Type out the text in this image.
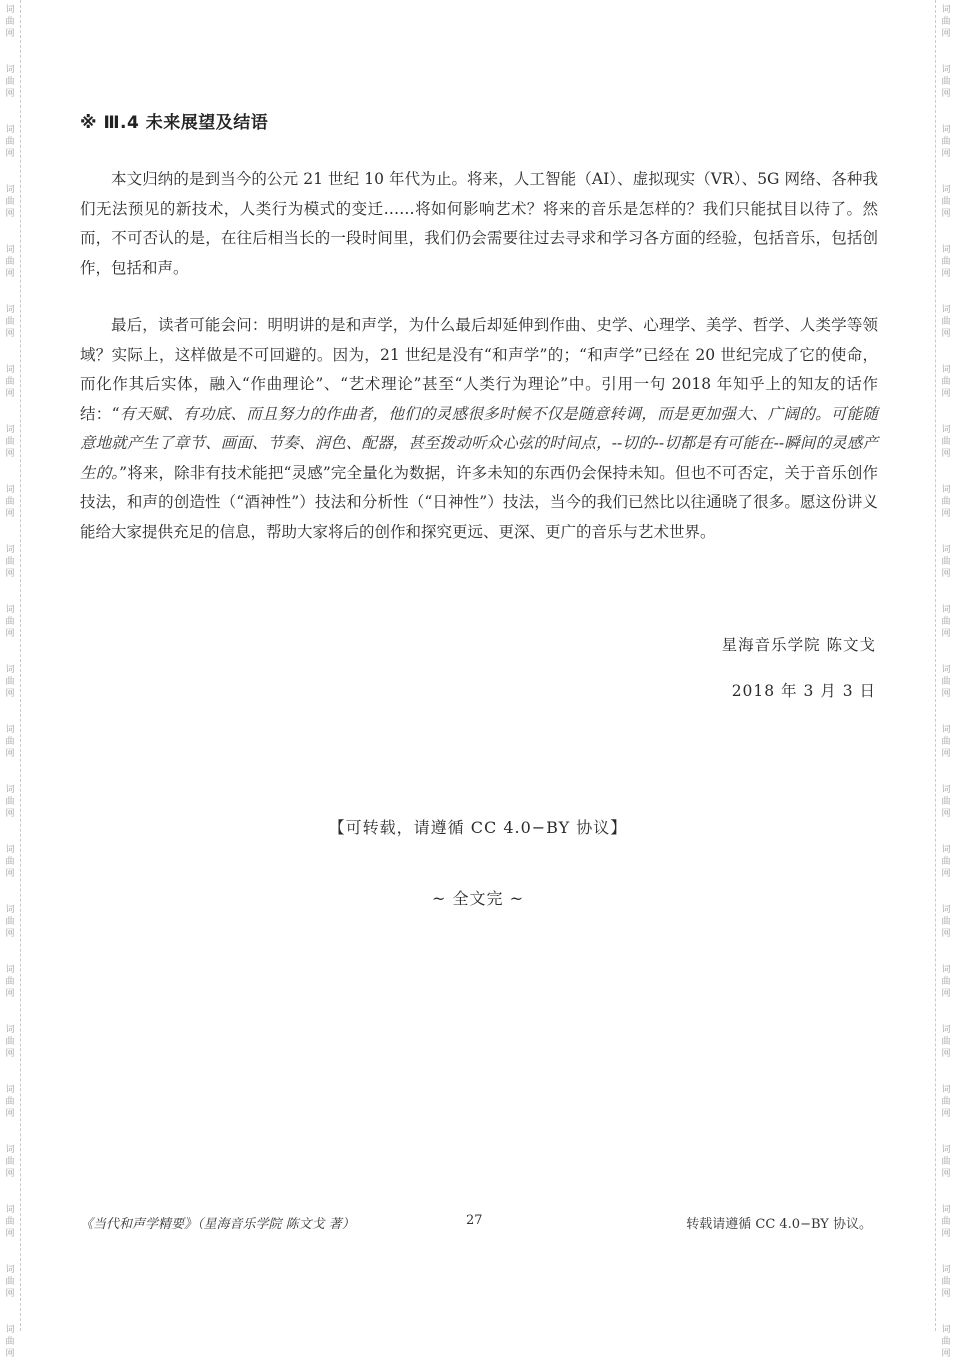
词
曲
网
词
曲
网
词
曲
网
词
曲
网
词
曲
网
词
曲
网
词
曲
网
词
曲
网
词
曲
网
词
曲
网
词
曲
网
词
曲
网
词
曲
网
词
曲
网
词
曲
网
词
曲
网
词
曲
网
词
曲
网
词
曲
网
词
曲
网
词
曲
网
词
曲
网
词
曲
网
词
曲
网
词
曲
网
词
曲
网
词
曲
网
词
曲
网
词
曲
网
词
曲
网
词
曲
网
词
曲
网
词
曲
网
词
曲
网
词
曲
网
词
曲
网
词
曲
网
词
曲
网
词
曲
网
词
曲
网
词
曲
网
词
曲
网
词
曲
网
词
曲
网
词
曲
网
词
曲
网
※ Ⅲ.4 未来展望及结语

本文归纳的是到当今的公元 21 世纪 10 年代为止。将来，人工智能（AI）、虚拟现实（VR）、5G 网络、各种我们无法预见的新技术，人类行为模式的变迁……将如何影响艺术？将来的音乐是怎样的？我们只能拭目以待了。然而，不可否认的是，在往后相当长的一段时间里，我们仍会需要往过去寻求和学习各方面的经验，包括音乐，包括创作，包括和声。

最后，读者可能会问：明明讲的是和声学，为什么最后却延伸到作曲、史学、心理学、美学、哲学、人类学等领域？实际上，这样做是不可回避的。因为，21 世纪是没有“和声学”的；“和声学”已经在 20 世纪完成了它的使命，而化作其后实体，融入“作曲理论”、“艺术理论”甚至“人类行为理论”中。引用一句 2018 年知乎上的知友的话作结：“有天赋、有功底、而且努力的作曲者，他们的灵感很多时候不仅是随意转调，而是更加强大、广阔的。可能随意地就产生了章节、画面、节奏、润色、配器，甚至拨动听众心弦的时间点，--切的--切都是有可能在--瞬间的灵感产生的。”将来，除非有技术能把“灵感”完全量化为数据，许多未知的东西仍会保持未知。但也不可否定，关于音乐创作技法，和声的创造性（“酒神性”）技法和分析性（“日神性”）技法，当今的我们已然比以往通晓了很多。愿这份讲义能给大家提供充足的信息，帮助大家将后的创作和探究更远、更深、更广的音乐与艺术世界。

星海音乐学院 陈文戈
2018 年 3 月 3 日
【可转载，请遵循 CC 4.0−BY 协议】
~ 全文完 ~
《当代和声学精要》（星海音乐学院 陈文戈 著）	27	转载请遵循 CC 4.0−BY 协议。
